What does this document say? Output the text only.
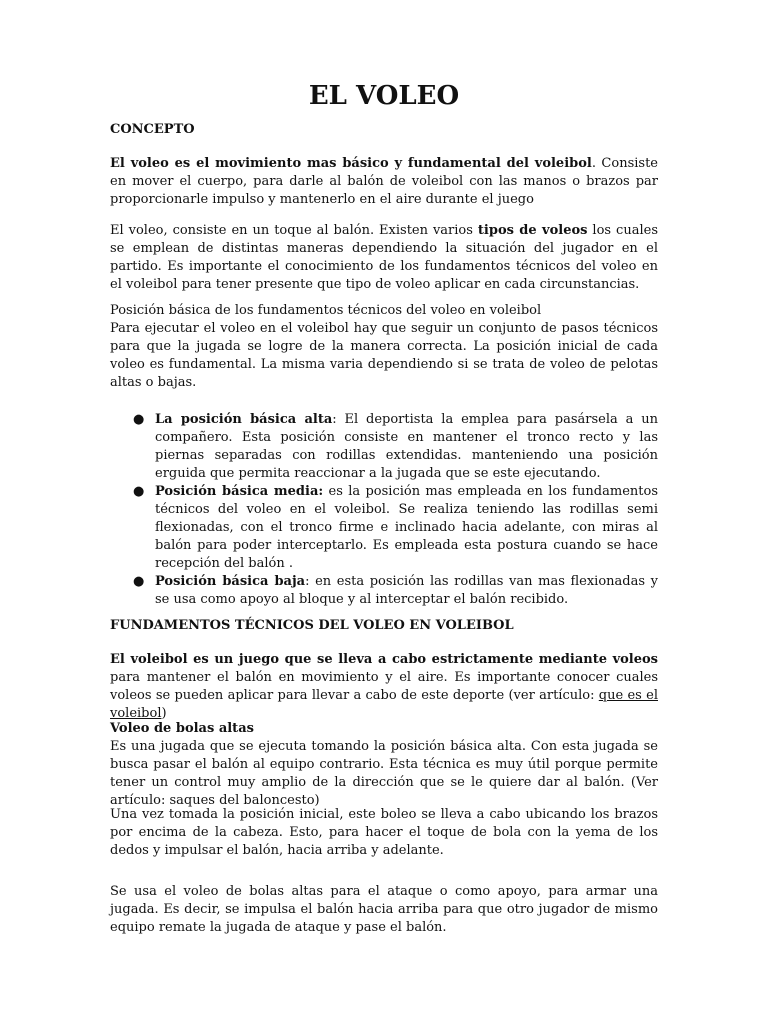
EL VOLEO
CONCEPTO

El voleo es el movimiento mas básico y fundamental del voleibol. Consiste en mover el cuerpo, para darle al balón de voleibol con las manos o brazos par proporcionarle impulso y mantenerlo en el aire durante el juego

El voleo, consiste en un toque al balón. Existen varios tipos de voleos los cuales se emplean de distintas maneras dependiendo la situación del jugador en el partido. Es importante el conocimiento de los fundamentos técnicos del voleo en el voleibol para tener presente que tipo de voleo aplicar en cada circunstancias.

Posición básica de los fundamentos técnicos del voleo en voleibol
Para ejecutar el voleo en el voleibol hay que seguir un conjunto de pasos técnicos para que la jugada se logre de la manera correcta. La posición inicial de cada voleo es fundamental. La misma varia dependiendo si se trata de voleo de pelotas altas o bajas.

● La posición básica alta: El deportista la emplea para pasársela a un compañero. Esta posición consiste en mantener el tronco recto y las piernas separadas con rodillas extendidas. manteniendo una posición erguida que permita reaccionar a la jugada que se este ejecutando.
● Posición básica media: es la posición mas empleada en los fundamentos técnicos del voleo en el voleibol. Se realiza teniendo las rodillas semi flexionadas, con el tronco firme e inclinado hacia adelante, con miras al balón para poder interceptarlo. Es empleada esta postura cuando se hace recepción del balón .
● Posición básica baja: en esta posición las rodillas van mas flexionadas y se usa como apoyo al bloque y al interceptar el balón recibido.
FUNDAMENTOS TÉCNICOS DEL VOLEO EN VOLEIBOL

El voleibol es un juego que se lleva a cabo estrictamente mediante voleos para mantener el balón en movimiento y el aire. Es importante conocer cuales voleos se pueden aplicar para llevar a cabo de este deporte (ver artículo: que es el voleibol)

Voleo de bolas altas

Es una jugada que se ejecuta tomando la posición básica alta. Con esta jugada se busca pasar el balón al equipo contrario. Esta técnica es muy útil porque permite tener un control muy amplio de la dirección que se le quiere dar al balón. (Ver artículo: saques del baloncesto)

Una vez tomada la posición inicial, este boleo se lleva a cabo ubicando los brazos por encima de la cabeza. Esto, para hacer el toque de bola con la yema de los dedos y impulsar el balón, hacia arriba y adelante.

Se usa el voleo de bolas altas para el ataque o como apoyo, para armar una jugada. Es decir, se impulsa el balón hacia arriba para que otro jugador de mismo equipo remate la jugada de ataque y pase el balón.
